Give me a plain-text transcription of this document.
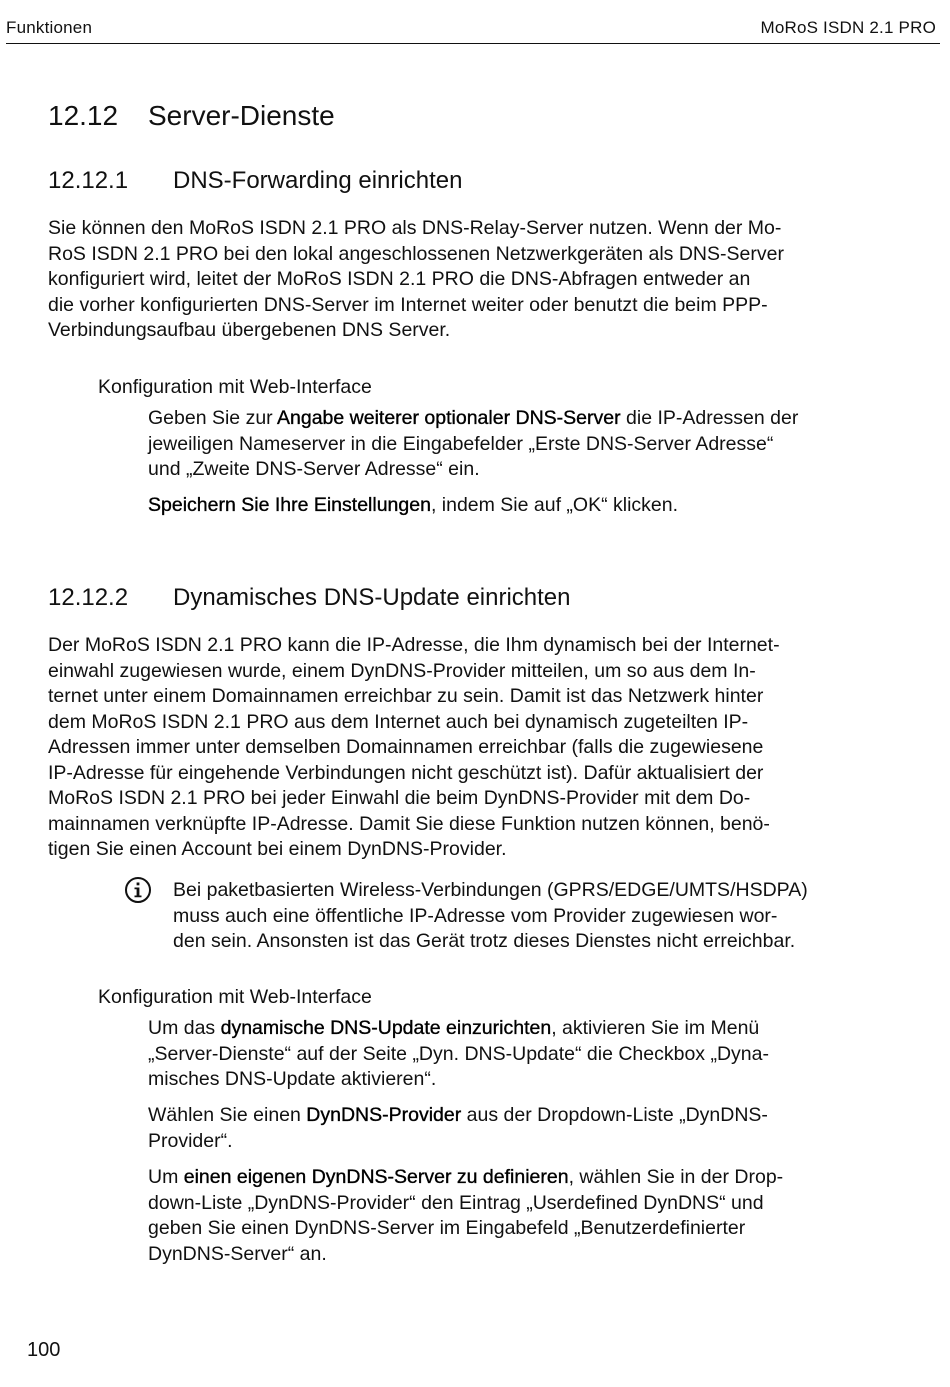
Funktionen	MoRoS ISDN 2.1 PRO
12.12 Server-Dienste
12.12.1 DNS-Forwarding einrichten
Sie können den MoRoS ISDN 2.1 PRO als DNS-Relay-Server nutzen. Wenn der Mo-
RoS ISDN 2.1 PRO bei den lokal angeschlossenen Netzwerkgeräten als DNS-Server
konfiguriert wird, leitet der MoRoS ISDN 2.1 PRO die DNS-Abfragen entweder an
die vorher konfigurierten DNS-Server im Internet weiter oder benutzt die beim PPP-
Verbindungsaufbau übergebenen DNS Server.
Konfiguration mit Web-Interface
Geben Sie zur Angabe weiterer optionaler DNS-Server die IP-Adressen der
jeweiligen Nameserver in die Eingabefelder „Erste DNS-Server Adresse“
und „Zweite DNS-Server Adresse“ ein.
Speichern Sie Ihre Einstellungen, indem Sie auf „OK“ klicken.
12.12.2 Dynamisches DNS-Update einrichten
Der MoRoS ISDN 2.1 PRO kann die IP-Adresse, die Ihm dynamisch bei der Internet-
einwahl zugewiesen wurde, einem DynDNS-Provider mitteilen, um so aus dem In-
ternet unter einem Domainnamen erreichbar zu sein. Damit ist das Netzwerk hinter
dem MoRoS ISDN 2.1 PRO aus dem Internet auch bei dynamisch zugeteilten IP-
Adressen immer unter demselben Domainnamen erreichbar (falls die zugewiesene
IP-Adresse für eingehende Verbindungen nicht geschützt ist). Dafür aktualisiert der
MoRoS ISDN 2.1 PRO bei jeder Einwahl die beim DynDNS-Provider mit dem Do-
mainnamen verknüpfte IP-Adresse. Damit Sie diese Funktion nutzen können, benö-
tigen Sie einen Account bei einem DynDNS-Provider.
Bei paketbasierten Wireless-Verbindungen (GPRS/EDGE/UMTS/HSDPA)
muss auch eine öffentliche IP-Adresse vom Provider zugewiesen wor-
den sein. Ansonsten ist das Gerät trotz dieses Dienstes nicht erreichbar.
Konfiguration mit Web-Interface
Um das dynamische DNS-Update einzurichten, aktivieren Sie im Menü
„Server-Dienste“ auf der Seite „Dyn. DNS-Update“ die Checkbox „Dyna-
misches DNS-Update aktivieren“.
Wählen Sie einen DynDNS-Provider aus der Dropdown-Liste „DynDNS-
Provider“.
Um einen eigenen DynDNS-Server zu definieren, wählen Sie in der Drop-
down-Liste „DynDNS-Provider“ den Eintrag „Userdefined DynDNS“ und
geben Sie einen DynDNS-Server im Eingabefeld „Benutzerdefinierter
DynDNS-Server“ an.
100
